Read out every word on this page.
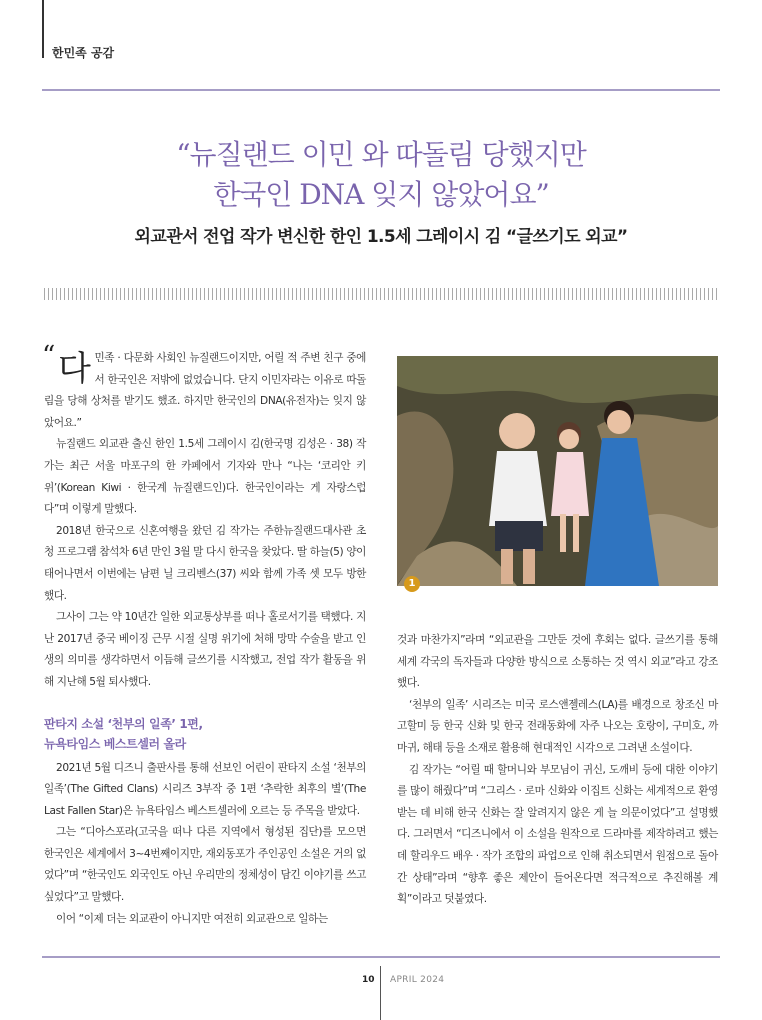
한민족 공감
“뉴질랜드 이민 와 따돌림 당했지만
한국인 DNA 잊지 않았어요”
외교관서 전업 작가 변신한 한인 1.5세 그레이시 김 “글쓰기도 외교”
“ 다 민족 · 다문화 사회인 뉴질랜드이지만, 어릴 적 주변 친구 중에서 한국인은 저밖에 없었습니다. 단지 이민자라는 이유로 따돌림을 당해 상처를 받기도 했죠. 하지만 한국인의 DNA(유전자)는 잊지 않았어요.”

뉴질랜드 외교관 출신 한인 1.5세 그레이시 김(한국명 김성은 · 38) 작가는 최근 서울 마포구의 한 카페에서 기자와 만나 “나는 ‘코리안 키위’(Korean Kiwi · 한국계 뉴질랜드인)다. 한국인이라는 게 자랑스럽다”며 이렇게 말했다.

2018년 한국으로 신혼여행을 왔던 김 작가는 주한뉴질랜드대사관 초청 프로그램 참석차 6년 만인 3월 말 다시 한국을 찾았다. 딸 하늘(5) 양이 태어나면서 이번에는 남편 닐 크리벤스(37) 씨와 함께 가족 셋 모두 방한했다.

그사이 그는 약 10년간 일한 외교통상부를 떠나 홀로서기를 택했다. 지난 2017년 중국 베이징 근무 시절 실명 위기에 처해 망막 수술을 받고 인생의 의미를 생각하면서 이듬해 글쓰기를 시작했고, 전업 작가 활동을 위해 지난해 5월 퇴사했다.

판타지 소설 ‘천부의 일족’ 1편,
뉴욕타임스 베스트셀러 올라

2021년 5월 디즈니 출판사를 통해 선보인 어린이 판타지 소설 ‘천부의 일족’(The Gifted Clans) 시리즈 3부작 중 1편 ‘추락한 최후의 별’(The Last Fallen Star)은 뉴욕타임스 베스트셀러에 오르는 등 주목을 받았다.

그는 “디아스포라(고국을 떠나 다른 지역에서 형성된 집단)를 모으면 한국인은 세계에서 3~4번째이지만, 재외동포가 주인공인 소설은 거의 없었다”며 “한국인도 외국인도 아닌 우리만의 정체성이 담긴 이야기를 쓰고 싶었다”고 말했다.

이어 “이제 더는 외교관이 아니지만 여전히 외교관으로 일하는

1

것과 마찬가지”라며 “외교관을 그만둔 것에 후회는 없다. 글쓰기를 통해 세계 각국의 독자들과 다양한 방식으로 소통하는 것 역시 외교”라고 강조했다.

‘천부의 일족’ 시리즈는 미국 로스앤젤레스(LA)를 배경으로 창조신 마고할미 등 한국 신화 및 한국 전래동화에 자주 나오는 호랑이, 구미호, 까마귀, 해태 등을 소재로 활용해 현대적인 시각으로 그려낸 소설이다.

김 작가는 “어릴 때 할머니와 부모님이 귀신, 도깨비 등에 대한 이야기를 많이 해줬다”며 “그리스 · 로마 신화와 이집트 신화는 세계적으로 환영받는 데 비해 한국 신화는 잘 알려지지 않은 게 늘 의문이었다”고 설명했다. 그러면서 “디즈니에서 이 소설을 원작으로 드라마를 제작하려고 했는데 할리우드 배우 · 작가 조합의 파업으로 인해 취소되면서 원점으로 돌아간 상태”라며 “향후 좋은 제안이 들어온다면 적극적으로 추진해볼 계획”이라고 덧붙였다.

10 APRIL 2024
